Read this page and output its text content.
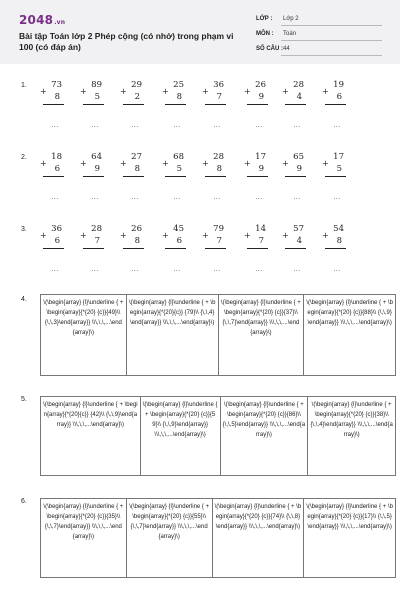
2048.vn
Bài tập Toán lớp 2 Phép cộng (có nhớ) trong phạm vi 100 (có đáp án)
LỚP : Lớp 2
MÔN : Toán
SỐ CÂU : 44
1.
2.
3.
4.
5.
6.
73
+
8
...
89
+
5
...
29
+
2
...
25
+
8
...
36
+
7
...
26
+
9
...
28
+
4
...
19
+
6
...
18
+
6
...
64
+
9
...
27
+
8
...
68
+
5
...
28
+
8
...
17
+
9
...
65
+
9
...
17
+
5
...
36
+
6
...
28
+
7
...
26
+
8
...
45
+
6
...
79
+
7
...
14
+
7
...
57
+
4
...
54
+
8
...
\(\begin{array} {l}\underline { + \begin{array}{*{20} {c}}{49}\\ {\,\,3}\end{array}} \\\,\,\,...\end{array}\)
\(\begin{array} {l}\underline { + \begin{array}{*{20}{c}} {79}\\ {\,\,4}\end{array}} \\\,\,\,...\end{array}\)
\(\begin{array} {l}\underline { + \begin{array}{*{20} {c}}{37}\\ {\,\,7}\end{array}} \\\,\,\,...\end{array}\)
\(\begin{array} {l}\underline { + \begin{array}{*{20} {c}}{88}\\ {\,\,9}\end{array}} \\\,\,\,...\end{array}\)
\(\begin{array} {l}\underline { + \begin{array}{*{20}{c}} {42}\\ {\,\,9}\end{array}} \\\,\,\,...\end{array}\)
\(\begin{array} {l}\underline { + \begin{array}{*{20} {c}}{59}\\ {\,\,9}\end{array}} \\\,\,\,...\end{array}\)
\(\begin{array} {l}\underline { + \begin{array}{*{20} {c}}{86}\\ {\,\,5}\end{array}} \\\,\,\,...\end{array}\)
\(\begin{array} {l}\underline { + \begin{array}{*{20} {c}}{38}\\ {\,\,4}\end{array}} \\\,\,\,...\end{array}\)
\(\begin{array} {l}\underline { + \begin{array}{*{20} {c}}{35}\\ {\,\,7}\end{array}} \\\,\,\,...\end{array}\)
\(\begin{array} {l}\underline { + \begin{array}{*{20} {c}}{55}\\ {\,\,7}\end{array}} \\\,\,\,...\end{array}\)
\(\begin{array} {l}\underline { + \begin{array}{*{20} {c}}{74}\\ {\,\,8}\end{array}} \\\,\,\,...\end{array}\)
\(\begin{array} {l}\underline { + \begin{array}{*{20} {c}}{17}\\ {\,\,5}\end{array}} \\\,\,\,...\end{array}\)
